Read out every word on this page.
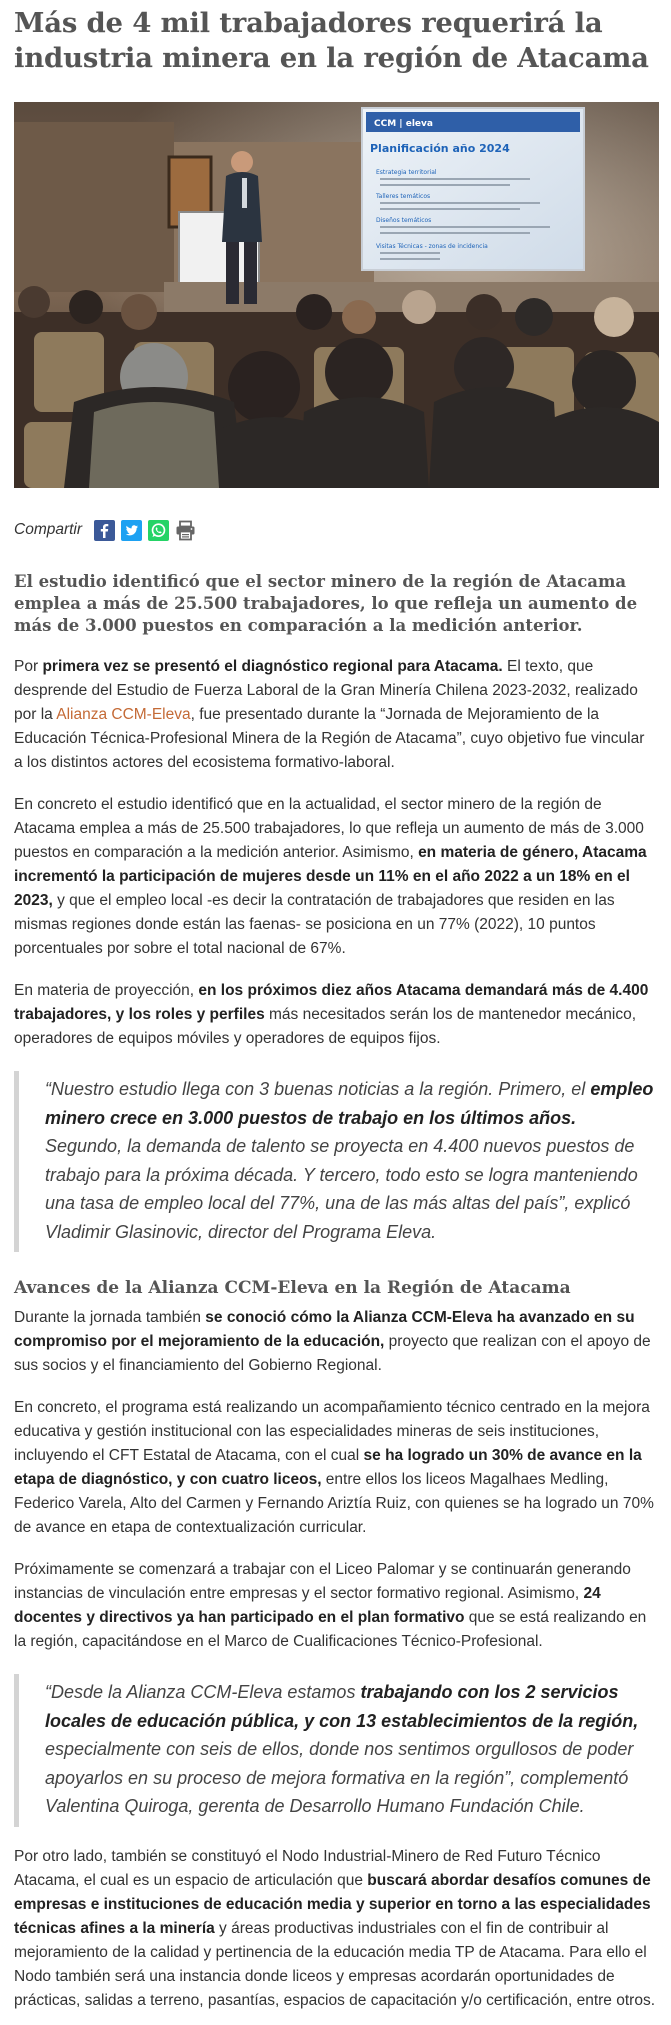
Más de 4 mil trabajadores requerirá la industria minera en la región de Atacama
CCM | eleva
Planificación año 2024
Estrategia territorial
Talleres temáticos
Diseños temáticos
Visitas Técnicas - zonas de incidencia
Compartir
El estudio identificó que el sector minero de la región de Atacama emplea a más de 25.500 trabajadores, lo que refleja un aumento de más de 3.000 puestos en comparación a la medición anterior.

Por primera vez se presentó el diagnóstico regional para Atacama. El texto, que desprende del Estudio de Fuerza Laboral de la Gran Minería Chilena 2023-2032, realizado por la Alianza CCM-Eleva, fue presentado durante la “Jornada de Mejoramiento de la Educación Técnica-Profesional Minera de la Región de Atacama”, cuyo objetivo fue vincular a los distintos actores del ecosistema formativo-laboral.

En concreto el estudio identificó que en la actualidad, el sector minero de la región de Atacama emplea a más de 25.500 trabajadores, lo que refleja un aumento de más de 3.000 puestos en comparación a la medición anterior. Asimismo, en materia de género, Atacama incrementó la participación de mujeres desde un 11% en el año 2022 a un 18% en el 2023, y que el empleo local -es decir la contratación de trabajadores que residen en las mismas regiones donde están las faenas- se posiciona en un 77% (2022), 10 puntos porcentuales por sobre el total nacional de 67%.

En materia de proyección, en los próximos diez años Atacama demandará más de 4.400 trabajadores, y los roles y perfiles más necesitados serán los de mantenedor mecánico, operadores de equipos móviles y operadores de equipos fijos.

“Nuestro estudio llega con 3 buenas noticias a la región. Primero, el empleo minero crece en 3.000 puestos de trabajo en los últimos años. Segundo, la demanda de talento se proyecta en 4.400 nuevos puestos de trabajo para la próxima década. Y tercero, todo esto se logra manteniendo una tasa de empleo local del 77%, una de las más altas del país”, explicó Vladimir Glasinovic, director del Programa Eleva.
Avances de la Alianza CCM-Eleva en la Región de Atacama

Durante la jornada también se conoció cómo la Alianza CCM-Eleva ha avanzado en su compromiso por el mejoramiento de la educación, proyecto que realizan con el apoyo de sus socios y el financiamiento del Gobierno Regional.

En concreto, el programa está realizando un acompañamiento técnico centrado en la mejora educativa y gestión institucional con las especialidades mineras de seis instituciones, incluyendo el CFT Estatal de Atacama, con el cual se ha logrado un 30% de avance en la etapa de diagnóstico, y con cuatro liceos, entre ellos los liceos Magalhaes Medling, Federico Varela, Alto del Carmen y Fernando Ariztía Ruiz, con quienes se ha logrado un 70% de avance en etapa de contextualización curricular.

Próximamente se comenzará a trabajar con el Liceo Palomar y se continuarán generando instancias de vinculación entre empresas y el sector formativo regional. Asimismo, 24 docentes y directivos ya han participado en el plan formativo que se está realizando en la región, capacitándose en el Marco de Cualificaciones Técnico-Profesional.

“Desde la Alianza CCM-Eleva estamos trabajando con los 2 servicios locales de educación pública, y con 13 establecimientos de la región, especialmente con seis de ellos, donde nos sentimos orgullosos de poder apoyarlos en su proceso de mejora formativa en la región”, complementó Valentina Quiroga, gerenta de Desarrollo Humano Fundación Chile.

Por otro lado, también se constituyó el Nodo Industrial-Minero de Red Futuro Técnico Atacama, el cual es un espacio de articulación que buscará abordar desafíos comunes de empresas e instituciones de educación media y superior en torno a las especialidades técnicas afines a la minería y áreas productivas industriales con el fin de contribuir al mejoramiento de la calidad y pertinencia de la educación media TP de Atacama. Para ello el Nodo también será una instancia donde liceos y empresas acordarán oportunidades de prácticas, salidas a terreno, pasantías, espacios de capacitación y/o certificación, entre otros.
